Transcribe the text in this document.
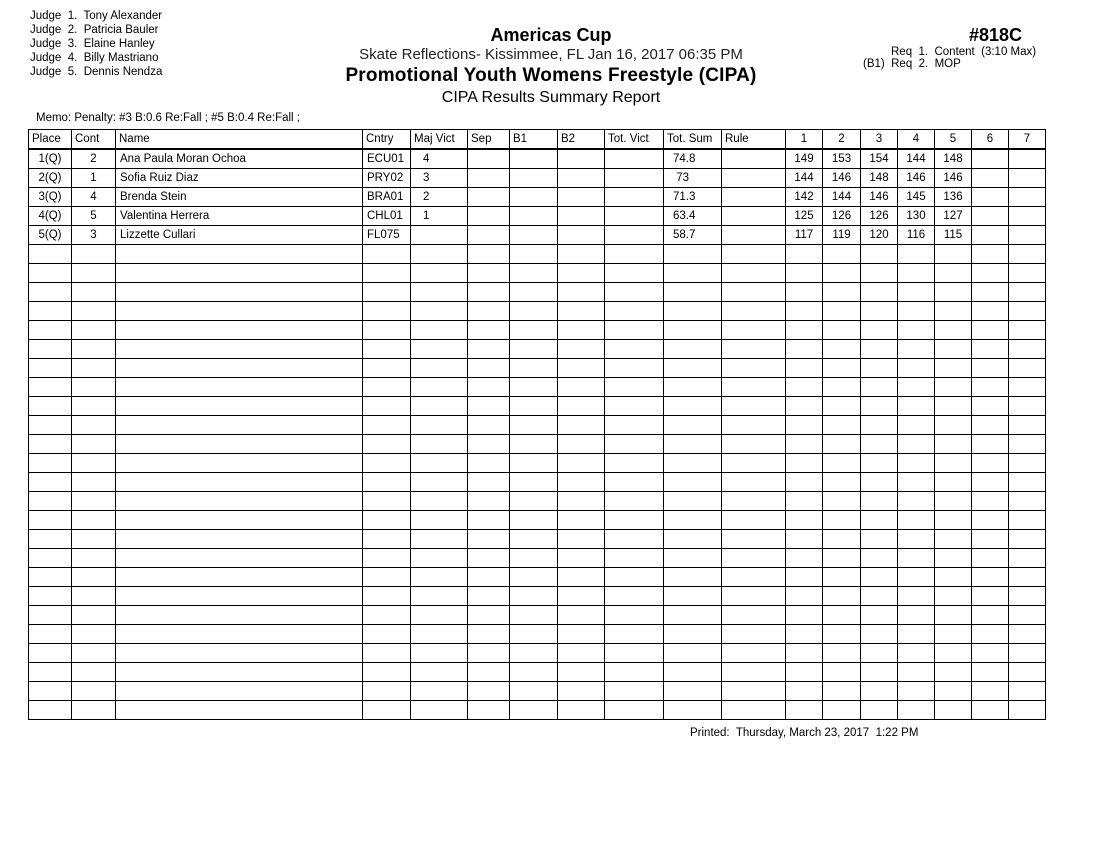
Judge  1.  Tony Alexander
Judge  2.  Patricia Bauler
Judge  3.  Elaine Hanley
Judge  4.  Billy Mastriano
Judge  5.  Dennis Nendza
Americas Cup
Skate Reflections- Kissimmee, FL Jan 16, 2017 06:35 PM
Promotional Youth Womens Freestyle (CIPA)
CIPA Results Summary Report
#818C
Req  1.  Content  (3:10 Max)
(B1)  Req  2.  MOP
Memo: Penalty: #3 B:0.6 Re:Fall ; #5 B:0.4 Re:Fall ;
Place	Cont	Name	Cntry	Maj Vict	Sep	B1	B2	Tot. Vict	Tot. Sum	Rule	1	2	3	4	5	6	7
1(Q)	2	Ana Paula Moran Ochoa	ECU01	4					74.8		149	153	154	144	148		
2(Q)	1	Sofia Ruiz Diaz	PRY02	3					73		144	146	148	146	146		
3(Q)	4	Brenda Stein	BRA01	2					71.3		142	144	146	145	136		
4(Q)	5	Valentina Herrera	CHL01	1					63.4		125	126	126	130	127		
5(Q)	3	Lizzette Cullari	FL075						58.7		117	119	120	116	115		

Printed:  Thursday, March 23, 2017  1:22 PM
